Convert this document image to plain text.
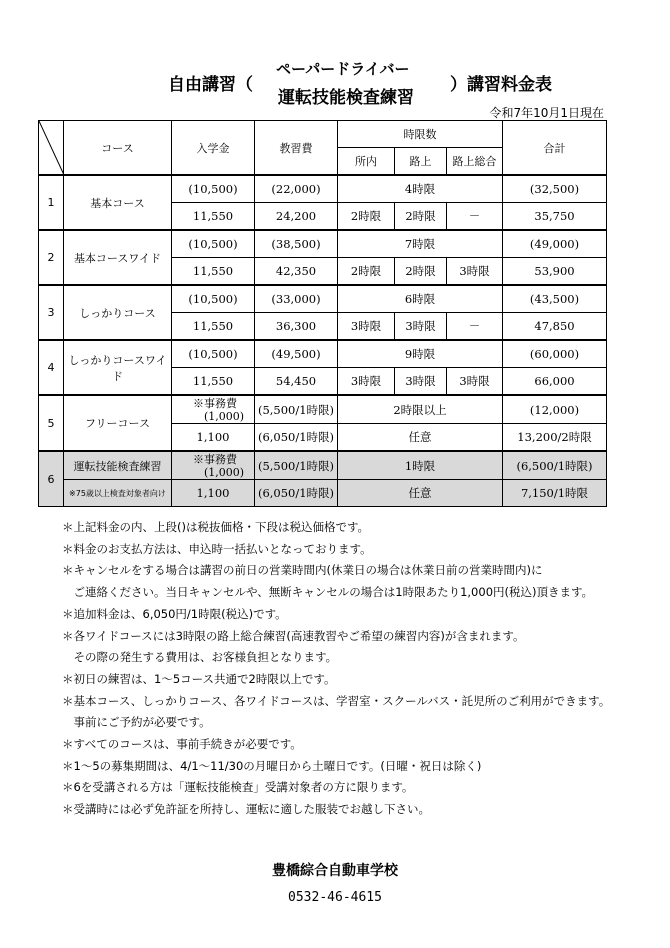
自由講習（
ペーパードライバー
運転技能検査練習
）講習料金表
令和7年10月1日現在
	コース	入学金	教習費	時限数			合計
				所内	路上	路上総合	
1	基本コース	(10,500)	(22,000)	4時限			(32,500)
		11,550	24,200	2時限	2時限	－	35,750
2	基本コースワイド	(10,500)	(38,500)	7時限			(49,000)
		11,550	42,350	2時限	2時限	3時限	53,900
3	しっかりコース	(10,500)	(33,000)	6時限			(43,500)
		11,550	36,300	3時限	3時限	－	47,850
4	しっかりコースワイド	(10,500)	(49,500)	9時限			(60,000)
		11,550	54,450	3時限	3時限	3時限	66,000
5	フリーコース	※事務費
(1,000)	(5,500/1時限)	2時限以上			(12,000)
		1,100	(6,050/1時限)	任意			13,200/2時限
6	運転技能検査練習	※事務費
(1,000)	(5,500/1時限)	1時限			(6,500/1時限)
	※75歳以上検査対象者向け	1,100	(6,050/1時限)	任意			7,150/1時限
＊上記料金の内、上段()は税抜価格・下段は税込価格です。
＊料金のお支払方法は、申込時一括払いとなっております。
＊キャンセルをする場合は講習の前日の営業時間内(休業日の場合は休業日前の営業時間内)に
　ご連絡ください。当日キャンセルや、無断キャンセルの場合は1時限あたり1,000円(税込)頂きます。
＊追加料金は、6,050円/1時限(税込)です。
＊各ワイドコースには3時限の路上総合練習(高速教習やご希望の練習内容)が含まれます。
　その際の発生する費用は、お客様負担となります。
＊初日の練習は、1～5コース共通で2時限以上です。
＊基本コース、しっかりコース、各ワイドコースは、学習室・スクールバス・託児所のご利用ができます。
　事前にご予約が必要です。
＊すべてのコースは、事前手続きが必要です。
＊1～5の募集期間は、4/1～11/30の月曜日から土曜日です。(日曜・祝日は除く)
＊6を受講される方は「運転技能検査」受講対象者の方に限ります。
＊受講時には必ず免許証を所持し、運転に適した服装でお越し下さい。
豊橋綜合自動車学校
0532-46-4615
